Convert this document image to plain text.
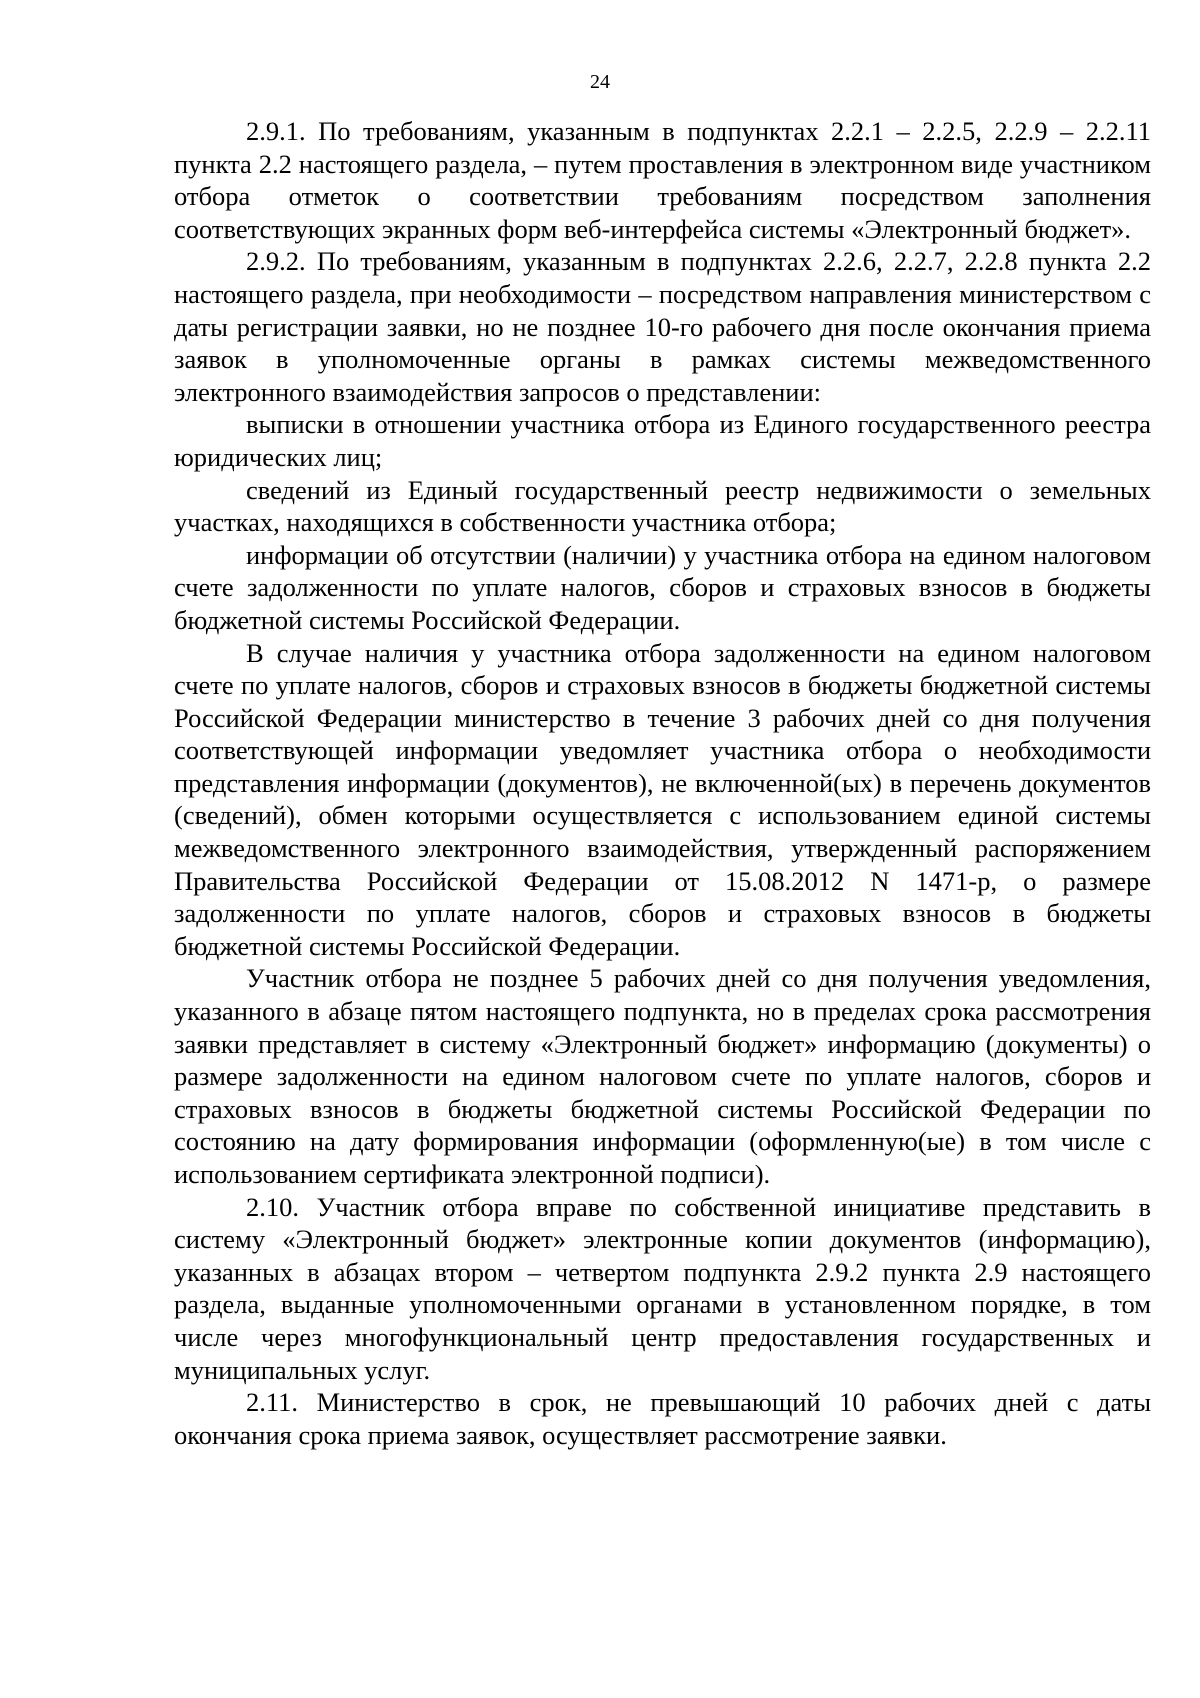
24

2.9.1. По требованиям, указанным в подпунктах 2.2.1 – 2.2.5, 2.2.9 – 2.2.11 пункта 2.2 настоящего раздела, – путем проставления в электронном виде участником отбора отметок о соответствии требованиям посредством заполнения соответствующих экранных форм веб-интерфейса системы «Электронный бюджет».

2.9.2. По требованиям, указанным в подпунктах 2.2.6, 2.2.7, 2.2.8 пункта 2.2 настоящего раздела, при необходимости – посредством направления министерством с даты регистрации заявки, но не позднее 10-го рабочего дня после окончания приема заявок в уполномоченные органы в рамках системы межведомственного электронного взаимодействия запросов о представлении:

выписки в отношении участника отбора из Единого государственного реестра юридических лиц;

сведений из Единый государственный реестр недвижимости о земельных участках, находящихся в собственности участника отбора;

информации об отсутствии (наличии) у участника отбора на едином налоговом счете задолженности по уплате налогов, сборов и страховых взносов в бюджеты бюджетной системы Российской Федерации.

В случае наличия у участника отбора задолженности на едином налоговом счете по уплате налогов, сборов и страховых взносов в бюджеты бюджетной системы Российской Федерации министерство в течение 3 рабочих дней со дня получения соответствующей информации уведомляет участника отбора о необходимости представления информации (документов), не включенной(ых) в перечень документов (сведений), обмен которыми осуществляется с использованием единой системы межведомственного электронного взаимодействия, утвержденный распоряжением Правительства Российской Федерации от 15.08.2012 N 1471-р, о размере задолженности по уплате налогов, сборов и страховых взносов в бюджеты бюджетной системы Российской Федерации.

Участник отбора не позднее 5 рабочих дней со дня получения уведомления, указанного в абзаце пятом настоящего подпункта, но в пределах срока рассмотрения заявки представляет в систему «Электронный бюджет» информацию (документы) о размере задолженности на едином налоговом счете по уплате налогов, сборов и страховых взносов в бюджеты бюджетной системы Российской Федерации по состоянию на дату формирования информации (оформленную(ые) в том числе с использованием сертификата электронной подписи).

2.10. Участник отбора вправе по собственной инициативе представить в систему «Электронный бюджет» электронные копии документов (информацию), указанных в абзацах втором – четвертом подпункта 2.9.2 пункта 2.9 настоящего раздела, выданные уполномоченными органами в установленном порядке, в том числе через многофункциональный центр предоставления государственных и муниципальных услуг.

2.11. Министерство в срок, не превышающий 10 рабочих дней с даты окончания срока приема заявок, осуществляет рассмотрение заявки.
